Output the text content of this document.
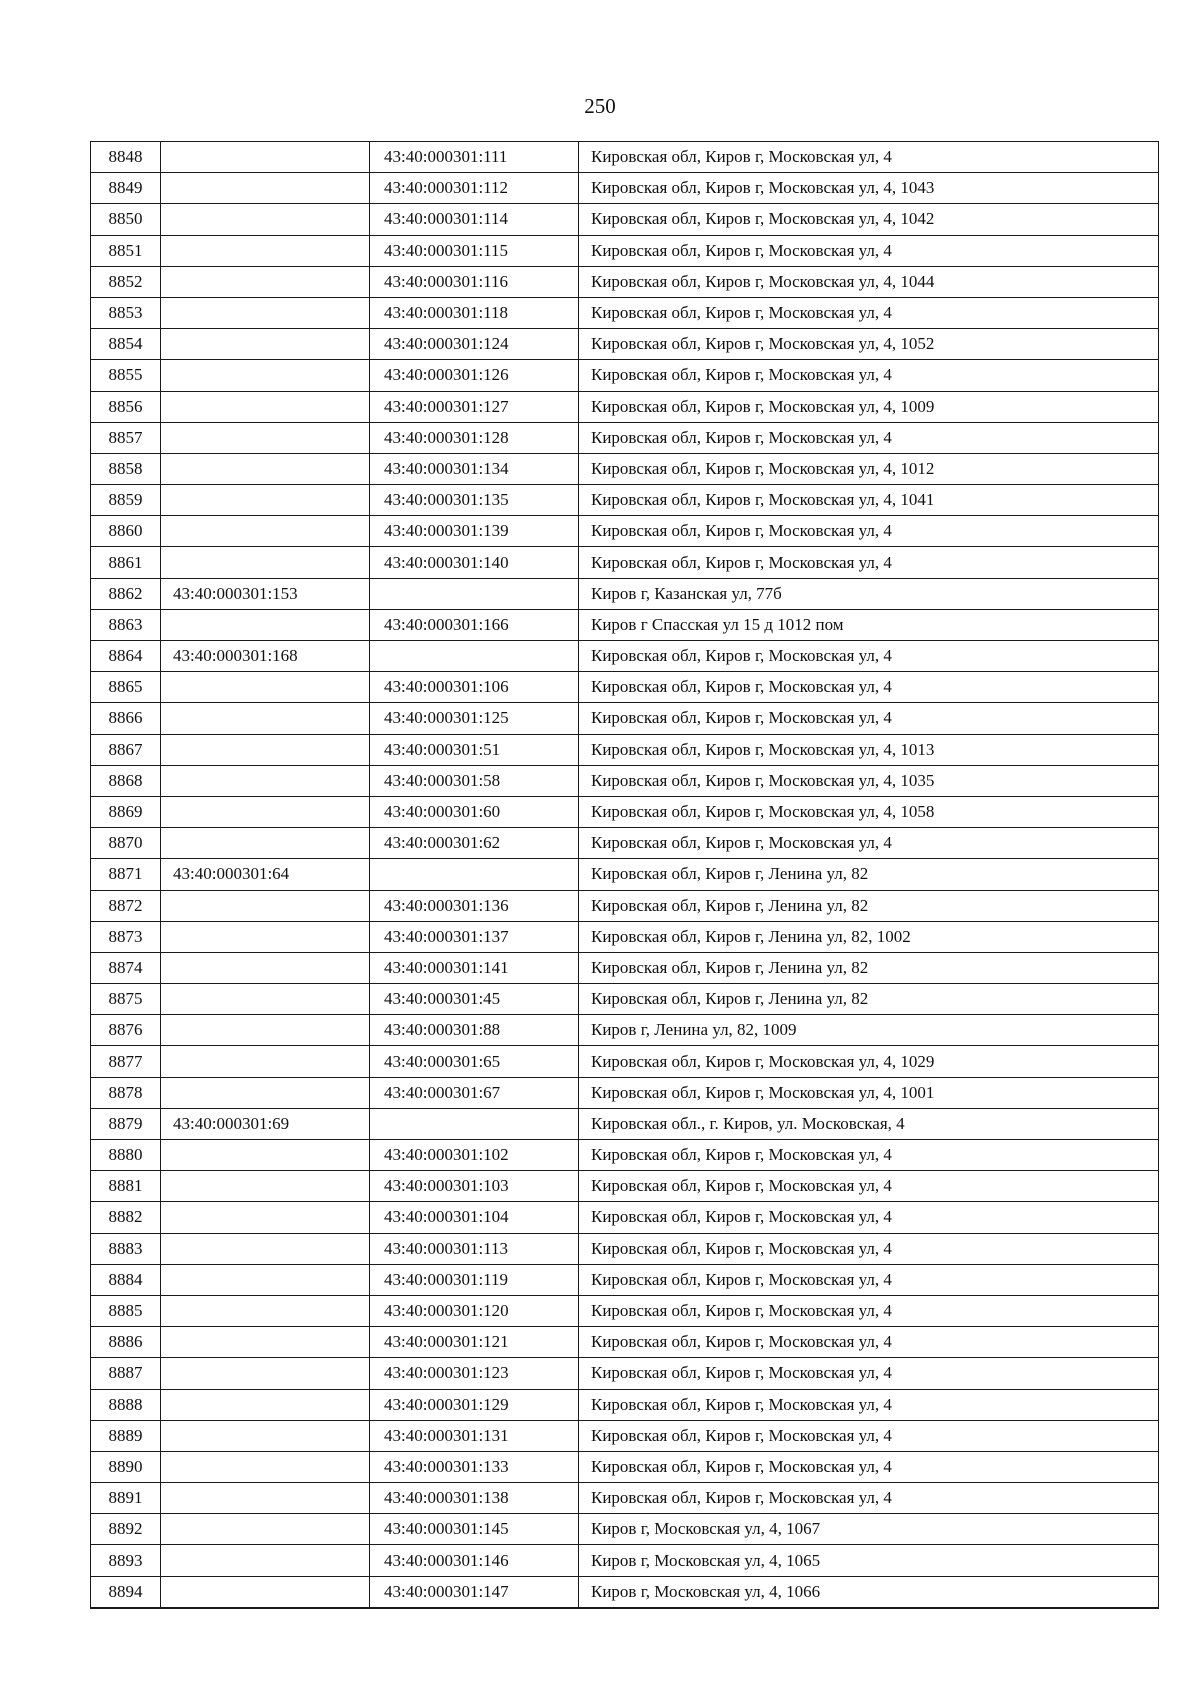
250
8848		43:40:000301:111	Кировская обл, Киров г, Московская ул, 4
8849		43:40:000301:112	Кировская обл, Киров г, Московская ул, 4, 1043
8850		43:40:000301:114	Кировская обл, Киров г, Московская ул, 4, 1042
8851		43:40:000301:115	Кировская обл, Киров г, Московская ул, 4
8852		43:40:000301:116	Кировская обл, Киров г, Московская ул, 4, 1044
8853		43:40:000301:118	Кировская обл, Киров г, Московская ул, 4
8854		43:40:000301:124	Кировская обл, Киров г, Московская ул, 4, 1052
8855		43:40:000301:126	Кировская обл, Киров г, Московская ул, 4
8856		43:40:000301:127	Кировская обл, Киров г, Московская ул, 4, 1009
8857		43:40:000301:128	Кировская обл, Киров г, Московская ул, 4
8858		43:40:000301:134	Кировская обл, Киров г, Московская ул, 4, 1012
8859		43:40:000301:135	Кировская обл, Киров г, Московская ул, 4, 1041
8860		43:40:000301:139	Кировская обл, Киров г, Московская ул, 4
8861		43:40:000301:140	Кировская обл, Киров г, Московская ул, 4
8862	43:40:000301:153		Киров г, Казанская ул, 77б
8863		43:40:000301:166	Киров г Спасская ул 15 д 1012 пом
8864	43:40:000301:168		Кировская обл, Киров г, Московская ул, 4
8865		43:40:000301:106	Кировская обл, Киров г, Московская ул, 4
8866		43:40:000301:125	Кировская обл, Киров г, Московская ул, 4
8867		43:40:000301:51	Кировская обл, Киров г, Московская ул, 4, 1013
8868		43:40:000301:58	Кировская обл, Киров г, Московская ул, 4, 1035
8869		43:40:000301:60	Кировская обл, Киров г, Московская ул, 4, 1058
8870		43:40:000301:62	Кировская обл, Киров г, Московская ул, 4
8871	43:40:000301:64		Кировская обл, Киров г, Ленина ул, 82
8872		43:40:000301:136	Кировская обл, Киров г, Ленина ул, 82
8873		43:40:000301:137	Кировская обл, Киров г, Ленина ул, 82, 1002
8874		43:40:000301:141	Кировская обл, Киров г, Ленина ул, 82
8875		43:40:000301:45	Кировская обл, Киров г, Ленина ул, 82
8876		43:40:000301:88	Киров г, Ленина ул, 82, 1009
8877		43:40:000301:65	Кировская обл, Киров г, Московская ул, 4, 1029
8878		43:40:000301:67	Кировская обл, Киров г, Московская ул, 4, 1001
8879	43:40:000301:69		Кировская обл., г. Киров, ул. Московская, 4
8880		43:40:000301:102	Кировская обл, Киров г, Московская ул, 4
8881		43:40:000301:103	Кировская обл, Киров г, Московская ул, 4
8882		43:40:000301:104	Кировская обл, Киров г, Московская ул, 4
8883		43:40:000301:113	Кировская обл, Киров г, Московская ул, 4
8884		43:40:000301:119	Кировская обл, Киров г, Московская ул, 4
8885		43:40:000301:120	Кировская обл, Киров г, Московская ул, 4
8886		43:40:000301:121	Кировская обл, Киров г, Московская ул, 4
8887		43:40:000301:123	Кировская обл, Киров г, Московская ул, 4
8888		43:40:000301:129	Кировская обл, Киров г, Московская ул, 4
8889		43:40:000301:131	Кировская обл, Киров г, Московская ул, 4
8890		43:40:000301:133	Кировская обл, Киров г, Московская ул, 4
8891		43:40:000301:138	Кировская обл, Киров г, Московская ул, 4
8892		43:40:000301:145	Киров г, Московская ул, 4, 1067
8893		43:40:000301:146	Киров г, Московская ул, 4, 1065
8894		43:40:000301:147	Киров г, Московская ул, 4, 1066
